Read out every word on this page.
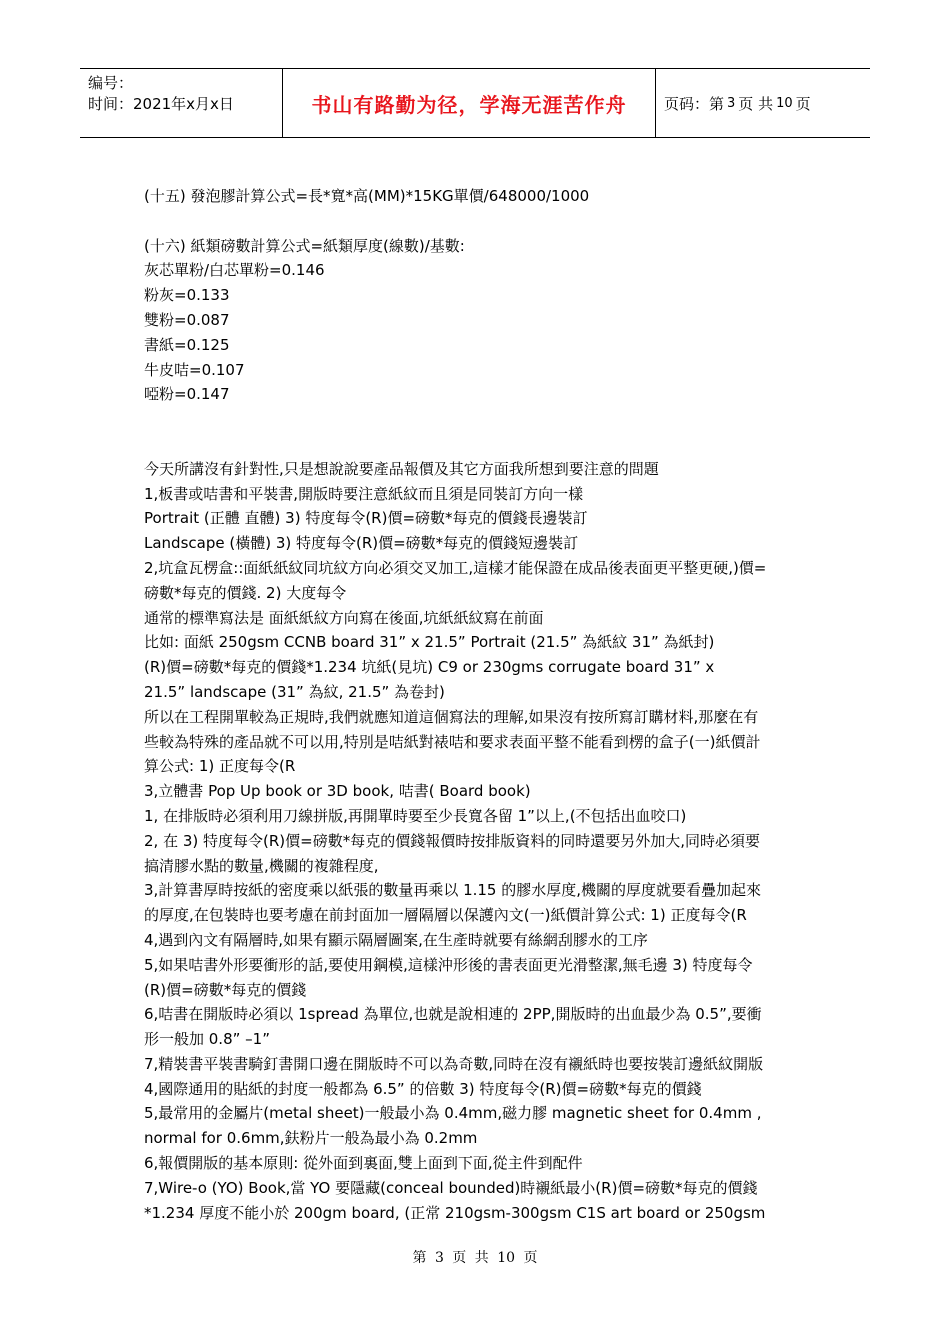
编号：
时间：2021年x月x日	书山有路勤为径，学海无涯苦作舟	页码：第 3 页 共 10 页
(十五) 發泡膠計算公式=長*寬*高(MM)*15KG單價/648000/1000
(十六) 紙類磅數計算公式=紙類厚度(線數)/基數:
灰芯單粉/白芯單粉=0.146
粉灰=0.133
雙粉=0.087
書紙=0.125
牛皮咭=0.107
啞粉=0.147
今天所講沒有針對性,只是想說說要產品報價及其它方面我所想到要注意的問題
1,板書或咭書和平裝書,開版時要注意紙紋而且須是同裝訂方向一樣
Portrait (正體 直體) 3) 特度每令(R)價=磅數*每克的價錢長邊裝訂
Landscape (橫體) 3) 特度每令(R)價=磅數*每克的價錢短邊裝訂
2,坑盒瓦楞盒::面紙紙紋同坑紋方向必須交叉加工,這樣才能保證在成品後表面更平整更硬,)價=
磅數*每克的價錢. 2) 大度每令
通常的標準寫法是 面紙紙紋方向寫在後面,坑紙紙紋寫在前面
比如: 面紙 250gsm CCNB board 31” x 21.5” Portrait (21.5” 為紙紋 31” 為紙封)
(R)價=磅數*每克的價錢*1.234 坑紙(見坑) C9 or 230gms corrugate board 31” x
21.5” landscape (31” 為紋, 21.5” 為卷封)
所以在工程開單較為正規時,我們就應知道這個寫法的理解,如果沒有按所寫訂購材料,那麼在有
些較為特殊的產品就不可以用,特別是咭紙對裱咭和要求表面平整不能看到楞的盒子(一)紙價計
算公式: 1) 正度每令(R
3,立體書 Pop Up book or 3D book, 咭書( Board book)
1, 在排版時必須利用刀線拼版,再開單時要至少長寬各留 1”以上,(不包括出血咬口)
2, 在 3) 特度每令(R)價=磅數*每克的價錢報價時按排版資料的同時還要另外加大,同時必須要
搞清膠水點的數量,機關的複雜程度,
3,計算書厚時按紙的密度乘以紙張的數量再乘以 1.15 的膠水厚度,機關的厚度就要看疊加起來
的厚度,在包裝時也要考慮在前封面加一層隔層以保護內文(一)紙價計算公式: 1) 正度每令(R
4,遇到內文有隔層時,如果有顯示隔層圖案,在生產時就要有絲網刮膠水的工序
5,如果咭書外形要衝形的話,要使用鋼模,這樣沖形後的書表面更光滑整潔,無毛邊 3) 特度每令
(R)價=磅數*每克的價錢
6,咭書在開版時必須以 1spread 為單位,也就是說相連的 2PP,開版時的出血最少為 0.5”,要衝
形一般加 0.8” –1”
7,精裝書平裝書騎釘書開口邊在開版時不可以為奇數,同時在沒有襯紙時也要按裝訂邊紙紋開版
4,國際通用的貼紙的封度一般都為 6.5” 的倍數 3) 特度每令(R)價=磅數*每克的價錢
5,最常用的金屬片(metal sheet)一般最小為 0.4mm,磁力膠 magnetic sheet for 0.4mm ,
normal for 0.6mm,鈇粉片一般為最小為 0.2mm
6,報價開版的基本原則: 從外面到裏面,雙上面到下面,從主件到配件
7,Wire-o (YO) Book,當 YO 要隱藏(conceal bounded)時襯紙最小(R)價=磅數*每克的價錢
*1.234 厚度不能小於 200gm board, (正常 210gsm-300gsm C1S art board or 250gsm
第 3 页 共 10 页
